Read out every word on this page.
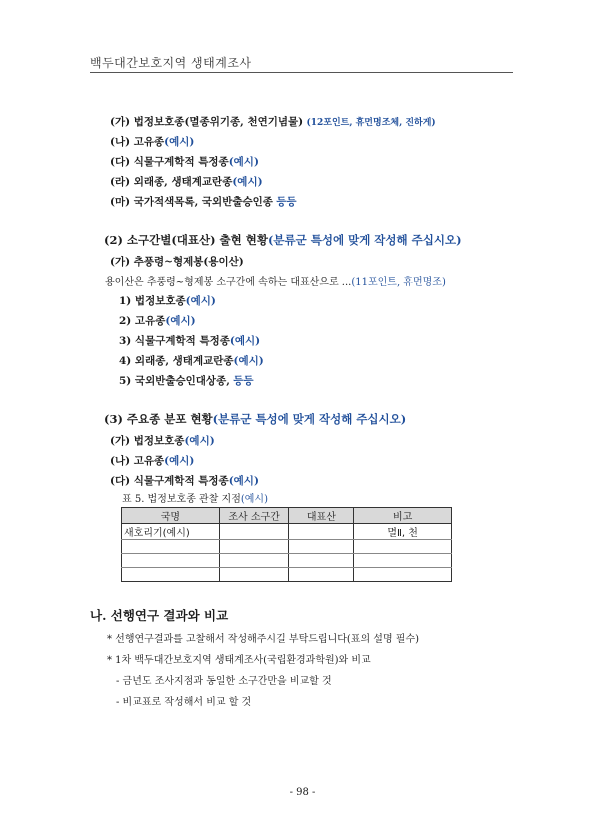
백두대간보호지역 생태계조사
(가) 법정보호종(멸종위기종, 천연기념물) (12포인트, 휴먼명조체, 진하게)
(나) 고유종(예시)
(다) 식물구계학적 특정종(예시)
(라) 외래종, 생태계교란종(예시)
(마) 국가적색목록, 국외반출승인종 등등
(2) 소구간별(대표산) 출현 현황(분류군 특성에 맞게 작성해 주십시오)
(가) 추풍령~형제봉(용이산)
용이산은 추풍령~형제봉 소구간에 속하는 대표산으로 ...(11포인트, 휴먼명조)
1) 법정보호종(예시)
2) 고유종(예시)
3) 식물구계학적 특정종(예시)
4) 외래종, 생태계교란종(예시)
5) 국외반출승인대상종, 등등
(3) 주요종 분포 현황(분류군 특성에 맞게 작성해 주십시오)
(가) 법정보호종(예시)
(나) 고유종(예시)
(다) 식물구계학적 특정종(예시)
표 5. 법정보호종 관찰 지점(예시)
국명	조사 소구간	대표산	비고
새호리기(예시)			멸Ⅱ, 천

나. 선행연구 결과와 비교
* 선행연구결과를 고찰해서 작성해주시길 부탁드립니다(표의 설명 필수)
* 1차 백두대간보호지역 생태계조사(국립환경과학원)와 비교
- 금년도 조사지점과 동일한 소구간만을 비교할 것
- 비교표로 작성해서 비교 할 것
- 98 -
